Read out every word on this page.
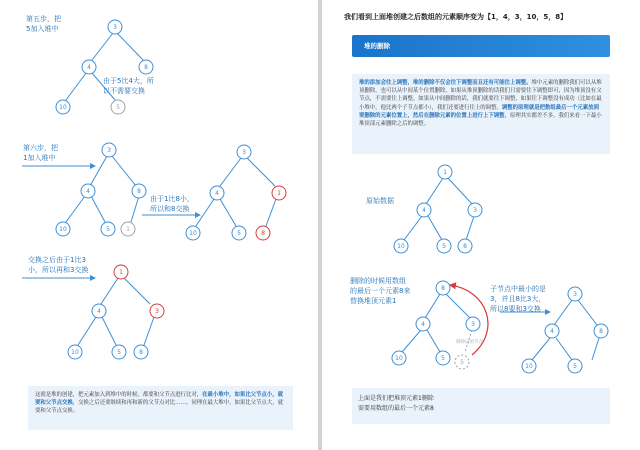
3
4	8
10	5
3
4	8
10	5	1
3
4	1
10	5	8
1
4	3
10	5	8
第五步，把
5加入堆中
由于5比4大，所
以不需要交换
第六步，把
1加入堆中
由于1比8小，
所以和8交换
交换之后由于1比3
小，所以再和3交换
这就是堆的创建，把元素加入到堆中的时候，都要和父节点进行比对，在最小堆中，如果比父节点小，就要和父节点交换，交换之后还要继续和再和新的父节点对比……，同理在最大堆中，如果比父节点大，就要和父节点交换。
我们看到上面堆创建之后数组的元素顺序变为【1，4，3，10，5，8】
堆的删除
堆的添加会往上调整，堆的删除不仅会往下调整而且还有可能往上调整。堆中元素的删除我们可以从堆顶删除，也可以从中间某个位置删除，如果从堆顶删除的话我们只需要往下调整即可，因为堆顶没有父节点，不需要往上调整。如果从中间删除的话，我们就要往下调整，如果往下调整没有成功（比如在最小堆中，他比两个子节点都小），我们还要进行往上的调整。调整的原理就是把数组最后一个元素放到要删除的元素位置上，然后在删除元素的位置上进行上下调整，原理其实都差不多，我们来看一下最小堆顶部元素删除之后的调整。
1
4	3
10	5	8
8
4	3
10	5
5
3
4	8
10	5
原始数据
删除的时候用数组
的最后一个元素8来
替换堆顶元素1
子节点中最小的是
3，并且8比3大，
所以8要和3交换
移除后的节点
上面是我们把堆顶元素1删除
需要用数组的最后一个元素8
